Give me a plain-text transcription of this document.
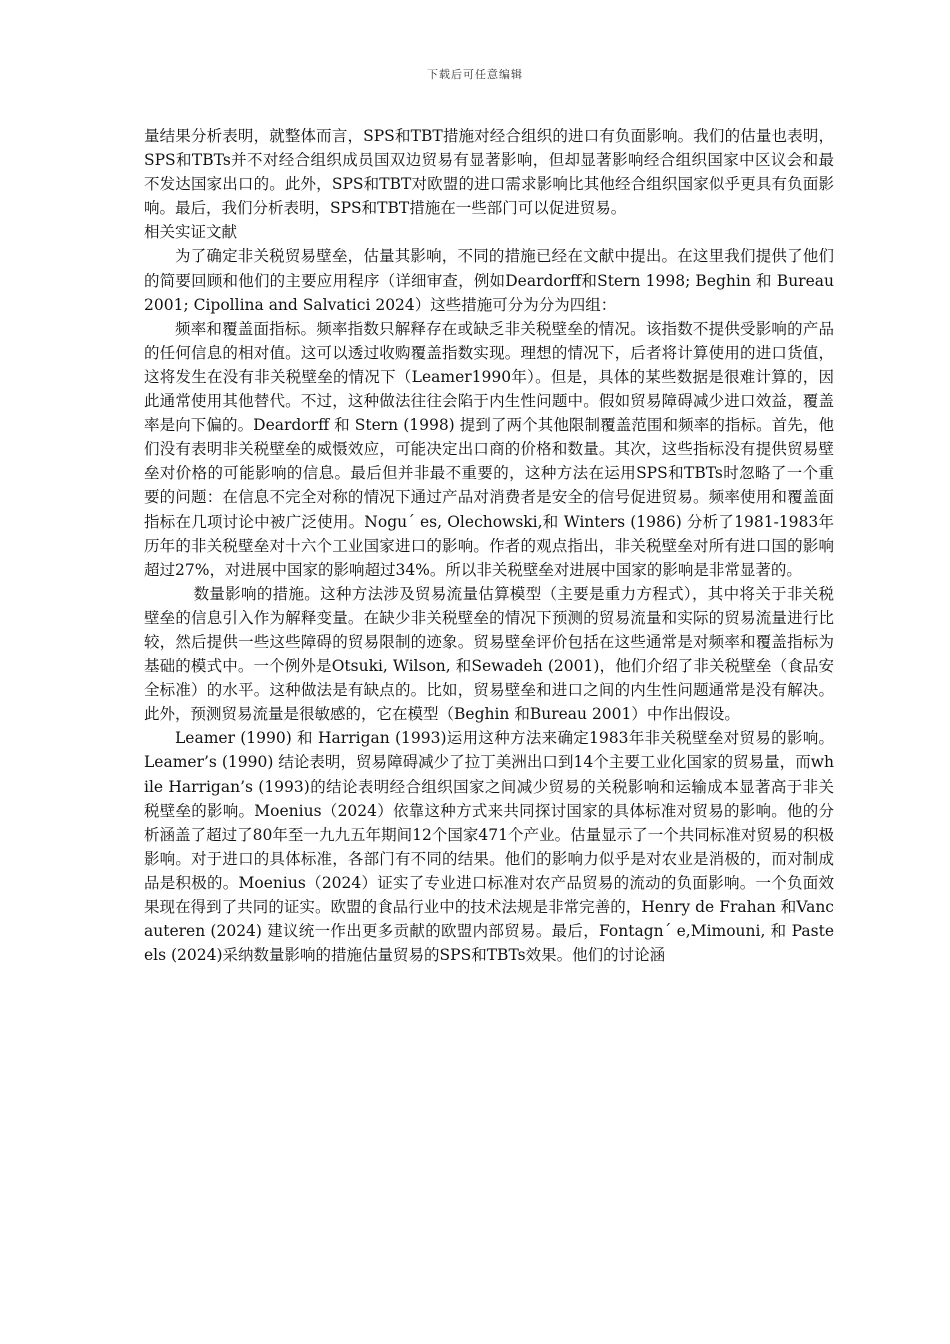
下载后可任意编辑

量结果分析表明，就整体而言，SPS和TBT措施对经合组织的进口有负面影响。我们的估量也表明，SPS和TBTs并不对经合组织成员国双边贸易有显著影响，但却显著影响经合组织国家中区议会和最不发达国家出口的。此外，SPS和TBT对欧盟的进口需求影响比其他经合组织国家似乎更具有负面影响。最后，我们分析表明，SPS和TBT措施在一些部门可以促进贸易。

相关实证文献

为了确定非关税贸易壁垒，估量其影响，不同的措施已经在文献中提出。在这里我们提供了他们的简要回顾和他们的主要应用程序（详细审查，例如Deardorff和Stern 1998; Beghin 和 Bureau 2001; Cipollina and Salvatici 2024）这些措施可分为分为四组：

频率和覆盖面指标。频率指数只解释存在或缺乏非关税壁垒的情况。该指数不提供受影响的产品的任何信息的相对值。这可以透过收购覆盖指数实现。理想的情况下，后者将计算使用的进口货值，这将发生在没有非关税壁垒的情况下（Leamer1990年）。但是，具体的某些数据是很难计算的，因此通常使用其他替代。不过，这种做法往往会陷于内生性问题中。假如贸易障碍减少进口效益，覆盖率是向下偏的。Deardorff 和 Stern (1998) 提到了两个其他限制覆盖范围和频率的指标。首先，他们没有表明非关税壁垒的威慑效应，可能决定出口商的价格和数量。其次，这些指标没有提供贸易壁垒对价格的可能影响的信息。最后但并非最不重要的，这种方法在运用SPS和TBTs时忽略了一个重要的问题：在信息不完全对称的情况下通过产品对消费者是安全的信号促进贸易。频率使用和覆盖面指标在几项讨论中被广泛使用。Nogu´ es, Olechowski,和 Winters (1986) 分析了1981-1983年历年的非关税壁垒对十六个工业国家进口的影响。作者的观点指出，非关税壁垒对所有进口国的影响超过27%，对进展中国家的影响超过34%。所以非关税壁垒对进展中国家的影响是非常显著的。

数量影响的措施。这种方法涉及贸易流量估算模型（主要是重力方程式），其中将关于非关税壁垒的信息引入作为解释变量。在缺少非关税壁垒的情况下预测的贸易流量和实际的贸易流量进行比较，然后提供一些这些障碍的贸易限制的迹象。贸易壁垒评价包括在这些通常是对频率和覆盖指标为基础的模式中。一个例外是Otsuki, Wilson, 和Sewadeh (2001)，他们介绍了非关税壁垒（食品安全标准）的水平。这种做法是有缺点的。比如，贸易壁垒和进口之间的内生性问题通常是没有解决。此外，预测贸易流量是很敏感的，它在模型（Beghin 和Bureau 2001）中作出假设。

Leamer (1990) 和 Harrigan (1993)运用这种方法来确定1983年非关税壁垒对贸易的影响。Leamer’s (1990) 结论表明，贸易障碍减少了拉丁美洲出口到14个主要工业化国家的贸易量，而while Harrigan’s (1993)的结论表明经合组织国家之间减少贸易的关税影响和运输成本显著高于非关税壁垒的影响。Moenius（2024）依靠这种方式来共同探讨国家的具体标准对贸易的影响。他的分析涵盖了超过了80年至一九九五年期间12个国家471个产业。估量显示了一个共同标准对贸易的积极影响。对于进口的具体标准，各部门有不同的结果。他们的影响力似乎是对农业是消极的，而对制成品是积极的。Moenius（2024）证实了专业进口标准对农产品贸易的流动的负面影响。一个负面效果现在得到了共同的证实。欧盟的食品行业中的技术法规是非常完善的，Henry de Frahan 和Vancauteren (2024) 建议统一作出更多贡献的欧盟内部贸易。最后，Fontagn´ e,Mimouni, 和 Pasteels (2024)采纳数量影响的措施估量贸易的SPS和TBTs效果。他们的讨论涵
